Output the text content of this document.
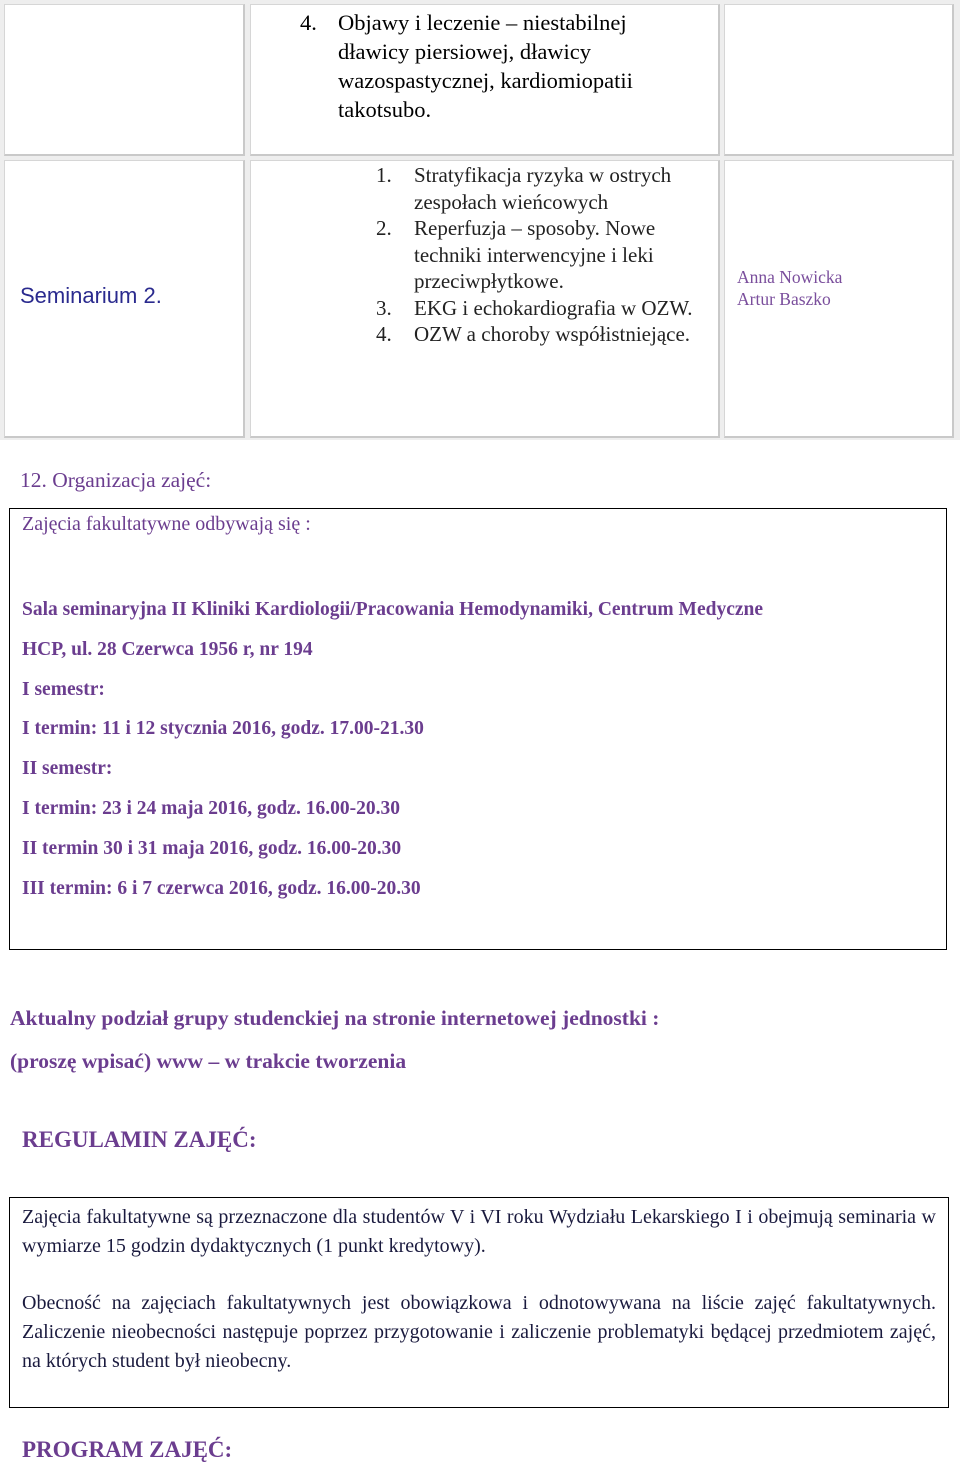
4. Objawy i leczenie – niestabilnej dławicy piersiowej, dławicy wazospastycznej, kardiomiopatii takotsubo.
Seminarium 2.
1. Stratyfikacja ryzyka w ostrych zespołach wieńcowych
2. Reperfuzja – sposoby. Nowe techniki interwencyjne i leki przeciwpłytkowe.
3. EKG i echokardiografia w OZW.
4. OZW a choroby współistniejące.
Anna Nowicka
Artur Baszko
12. Organizacja zajęć:
Zajęcia fakultatywne odbywają się :
Sala seminaryjna II Kliniki Kardiologii/Pracowania Hemodynamiki, Centrum Medyczne
HCP, ul. 28 Czerwca 1956 r, nr 194
I semestr:
I termin: 11 i 12 stycznia 2016, godz. 17.00-21.30
II semestr:
I termin: 23 i 24 maja 2016, godz. 16.00-20.30
II termin 30 i 31 maja 2016, godz. 16.00-20.30
III termin: 6 i 7 czerwca 2016, godz. 16.00-20.30
Aktualny podział grupy studenckiej na stronie internetowej jednostki :
(proszę wpisać) www – w trakcie tworzenia
REGULAMIN ZAJĘĆ:
Zajęcia fakultatywne są przeznaczone dla studentów V i VI roku Wydziału Lekarskiego I i obejmują seminaria w wymiarze 15 godzin dydaktycznych (1 punkt kredytowy).
Obecność na zajęciach fakultatywnych jest obowiązkowa i odnotowywana na liście zajęć fakultatywnych. Zaliczenie nieobecności następuje poprzez przygotowanie i zaliczenie problematyki będącej przedmiotem zajęć, na których student był nieobecny.
PROGRAM ZAJĘĆ:
